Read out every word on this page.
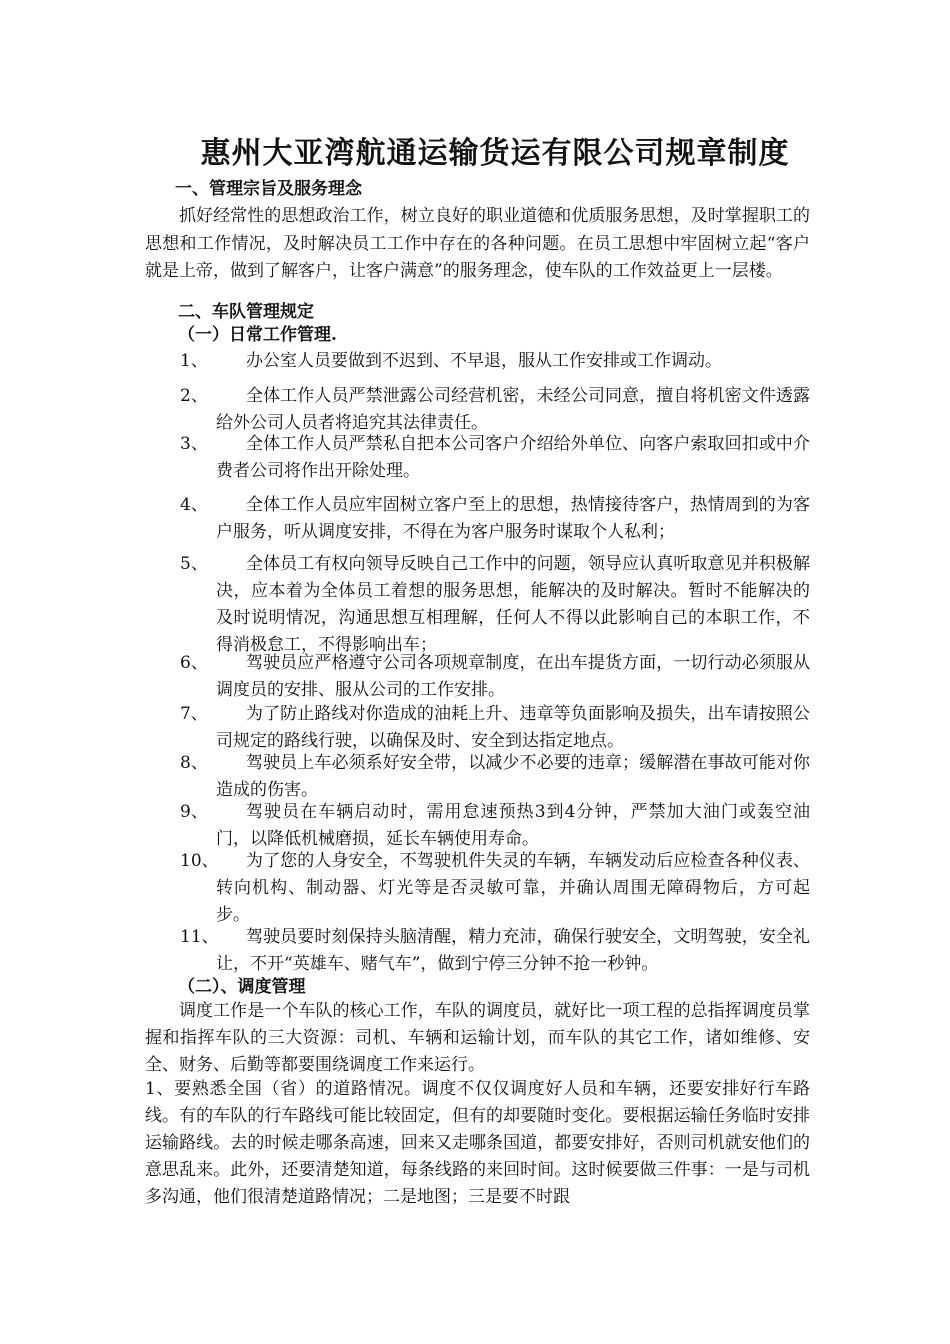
惠州大亚湾航通运输货运有限公司规章制度
一、管理宗旨及服务理念
抓好经常性的思想政治工作，树立良好的职业道德和优质服务思想，及时掌握职工的思想和工作情况，及时解决员工工作中存在的各种问题。在员工思想中牢固树立起“客户就是上帝，做到了解客户，让客户满意”的服务理念，使车队的工作效益更上一层楼。
二、车队管理规定
（一）日常工作管理.
1、	办公室人员要做到不迟到、不早退，服从工作安排或工作调动。
2、	全体工作人员严禁泄露公司经营机密，未经公司同意，擅自将机密文件透露给外公司人员者将追究其法律责任。
3、	全体工作人员严禁私自把本公司客户介绍给外单位、向客户索取回扣或中介费者公司将作出开除处理。
4、	全体工作人员应牢固树立客户至上的思想，热情接待客户，热情周到的为客户服务，听从调度安排，不得在为客户服务时谋取个人私利；
5、	全体员工有权向领导反映自己工作中的问题，领导应认真听取意见并积极解决，应本着为全体员工着想的服务思想，能解决的及时解决。暂时不能解决的及时说明情况，沟通思想互相理解，任何人不得以此影响自己的本职工作，不得消极怠工，不得影响出车；
6、	驾驶员应严格遵守公司各项规章制度，在出车提货方面，一切行动必须服从调度员的安排、服从公司的工作安排。
7、	为了防止路线对你造成的油耗上升、违章等负面影响及损失，出车请按照公司规定的路线行驶，以确保及时、安全到达指定地点。
8、	驾驶员上车必须系好安全带，以减少不必要的违章；缓解潜在事故可能对你造成的伤害。
9、	驾驶员在车辆启动时，需用怠速预热3到4分钟，严禁加大油门或轰空油门，以降低机械磨损，延长车辆使用寿命。
10、	为了您的人身安全，不驾驶机件失灵的车辆，车辆发动后应检查各种仪表、转向机构、制动器、灯光等是否灵敏可靠，并确认周围无障碍物后，方可起步。
11、	驾驶员要时刻保持头脑清醒，精力充沛，确保行驶安全，文明驾驶，安全礼让，不开“英雄车、赌气车”，做到宁停三分钟不抢一秒钟。
（二）、调度管理
调度工作是一个车队的核心工作，车队的调度员，就好比一项工程的总指挥调度员掌握和指挥车队的三大资源：司机、车辆和运输计划，而车队的其它工作，诸如维修、安全、财务、后勤等都要围绕调度工作来运行。
1、要熟悉全国（省）的道路情况。调度不仅仅调度好人员和车辆，还要安排好行车路线。有的车队的行车路线可能比较固定，但有的却要随时变化。要根据运输任务临时安排运输路线。去的时候走哪条高速，回来又走哪条国道，都要安排好，否则司机就安他们的意思乱来。此外，还要清楚知道，每条线路的来回时间。这时候要做三件事：一是与司机多沟通，他们很清楚道路情况；二是地图；三是要不时跟
